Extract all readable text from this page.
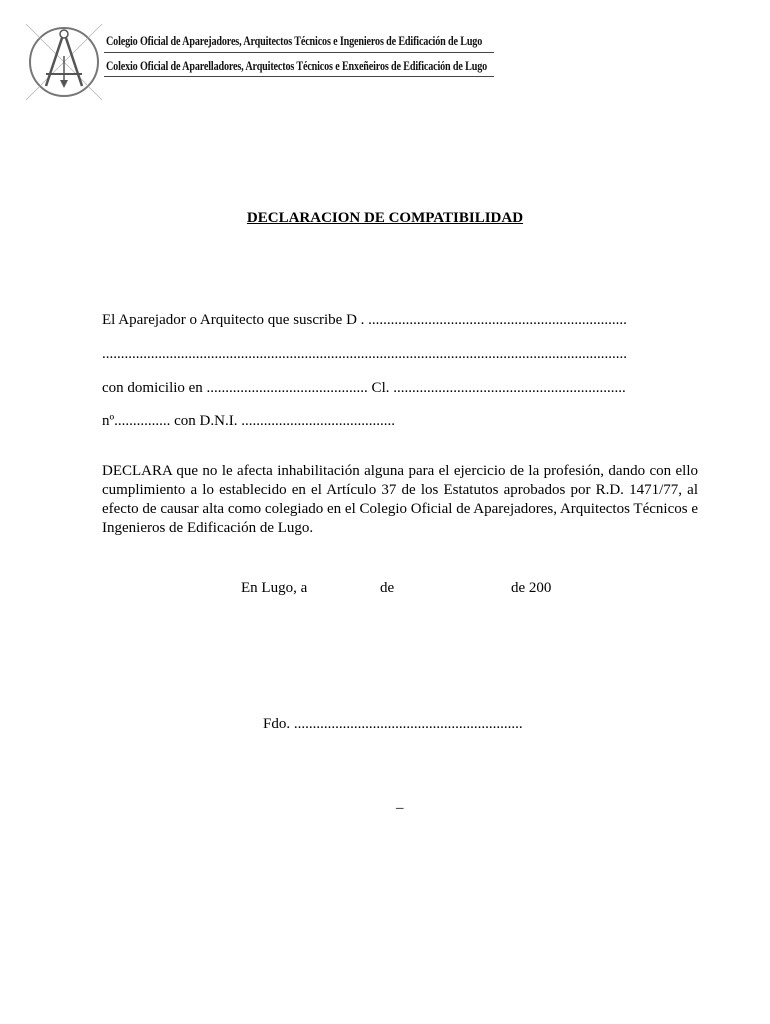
Colegio Oficial de Aparejadores, Arquitectos Técnicos e Ingenieros de Edificación de Lugo
Colexio Oficial de Aparelladores, Arquitectos Técnicos e Enxeñeiros de Edificación de Lugo
DECLARACION DE COMPATIBILIDAD
El Aparejador o Arquitecto que suscribe D . .....................................................................
............................................................................................................................................
con domicilio en ........................................... Cl. ..............................................................
nº............... con D.N.I. .........................................
DECLARA que no le afecta inhabilitación alguna para el ejercicio de la profesión, dando con ello cumplimiento a lo establecido en el Artículo 37 de los Estatutos aprobados por R.D. 1471/77, al efecto de causar alta como colegiado en el Colegio Oficial de Aparejadores, Arquitectos Técnicos e Ingenieros de Edificación de Lugo.
En Lugo, a	de	de 200
Fdo. .............................................................
–
